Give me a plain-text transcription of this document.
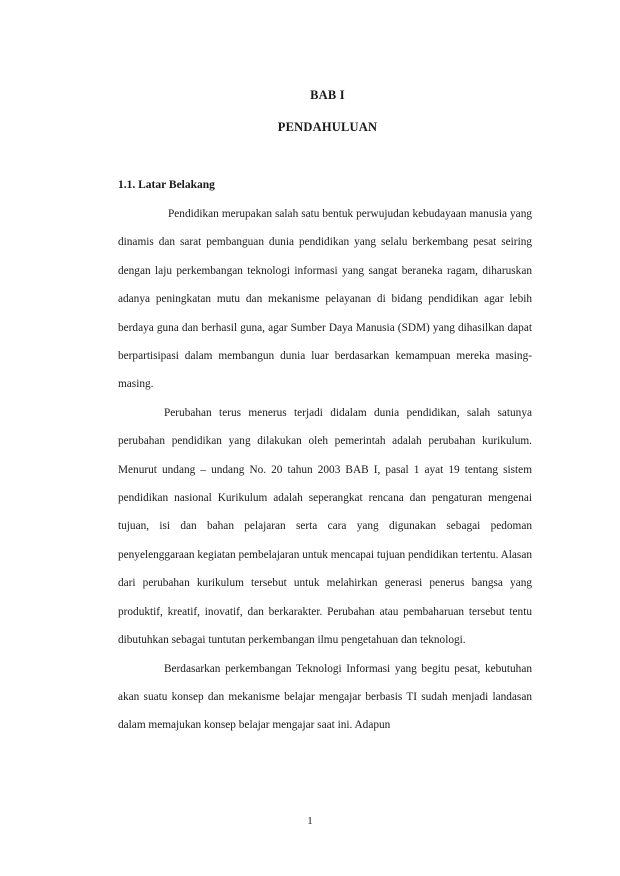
BAB I
PENDAHULUAN
1.1. Latar Belakang

Pendidikan merupakan salah satu bentuk perwujudan kebudayaan manusia yang dinamis dan sarat pembanguan dunia pendidikan yang selalu berkembang pesat seiring dengan laju perkembangan teknologi informasi yang sangat beraneka ragam, diharuskan adanya peningkatan mutu dan mekanisme pelayanan di bidang pendidikan agar lebih berdaya guna dan berhasil guna, agar Sumber Daya Manusia (SDM) yang dihasilkan dapat berpartisipasi dalam membangun dunia luar berdasarkan kemampuan mereka masing-masing.

Perubahan terus menerus terjadi didalam dunia pendidikan, salah satunya perubahan pendidikan yang dilakukan oleh pemerintah adalah perubahan kurikulum. Menurut undang – undang No. 20 tahun 2003 BAB I, pasal 1 ayat 19 tentang sistem pendidikan nasional Kurikulum adalah seperangkat rencana dan pengaturan mengenai tujuan, isi dan bahan pelajaran serta cara yang digunakan sebagai pedoman penyelenggaraan kegiatan pembelajaran untuk mencapai tujuan pendidikan tertentu. Alasan dari perubahan kurikulum tersebut untuk melahirkan generasi penerus bangsa yang produktif, kreatif, inovatif, dan berkarakter. Perubahan atau pembaharuan tersebut tentu dibutuhkan sebagai tuntutan perkembangan ilmu pengetahuan dan teknologi.

Berdasarkan perkembangan Teknologi Informasi yang begitu pesat, kebutuhan akan suatu konsep dan mekanisme belajar mengajar berbasis TI sudah menjadi landasan dalam memajukan konsep belajar mengajar saat ini. Adapun

1
